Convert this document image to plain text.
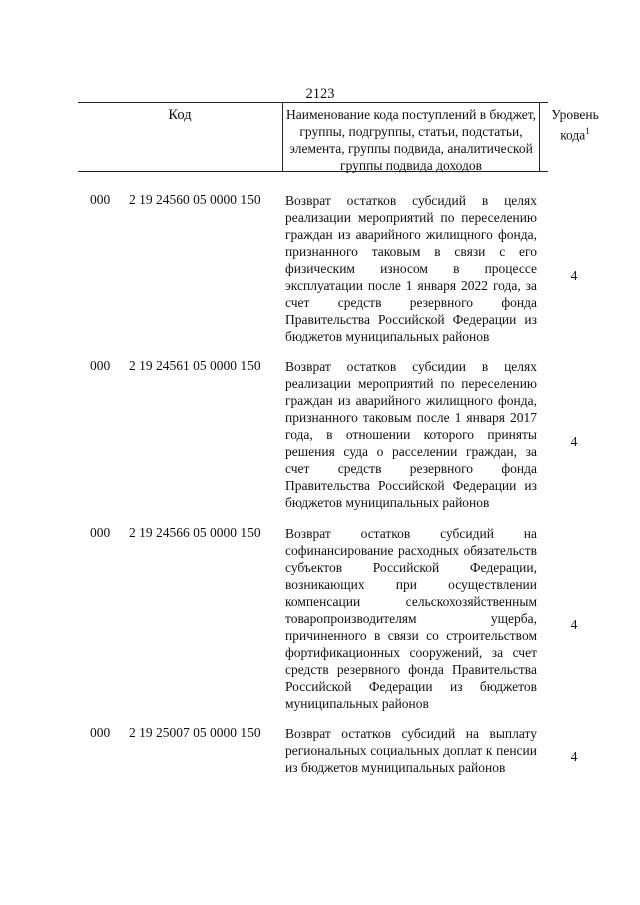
2123
Код	Наименование кода поступлений в бюджет, группы, подгруппы, статьи, подстатьи, элемента, группы подвида, аналитической группы подвида доходов
Уровень кода$^1$
000 2 19 24560 05 0000 150 Возврат остатков субсидий в целях реализации мероприятий по переселению граждан из аварийного жилищного фонда, признанного таковым в связи с его физическим износом в процессе эксплуатации после 1 января 2022 года, за счет средств резервного фонда Правительства Российской Федерации из бюджетов муниципальных районов
4
000 2 19 24561 05 0000 150 Возврат остатков субсидии в целях реализации мероприятий по переселению граждан из аварийного жилищного фонда, признанного таковым после 1 января 2017 года, в отношении которого приняты решения суда о расселении граждан, за счет средств резервного фонда Правительства Российской Федерации из бюджетов муниципальных районов
4
000 2 19 24566 05 0000 150 Возврат остатков субсидий на софинансирование расходных обязательств субъектов Российской Федерации, возникающих при осуществлении компенсации сельскохозяйственным товаропроизводителям ущерба, причиненного в связи со строительством фортификационных сооружений, за счет средств резервного фонда Правительства Российской Федерации из бюджетов муниципальных районов
4
000 2 19 25007 05 0000 150 Возврат остатков субсидий на выплату региональных социальных доплат к пенсии из бюджетов муниципальных районов
4
